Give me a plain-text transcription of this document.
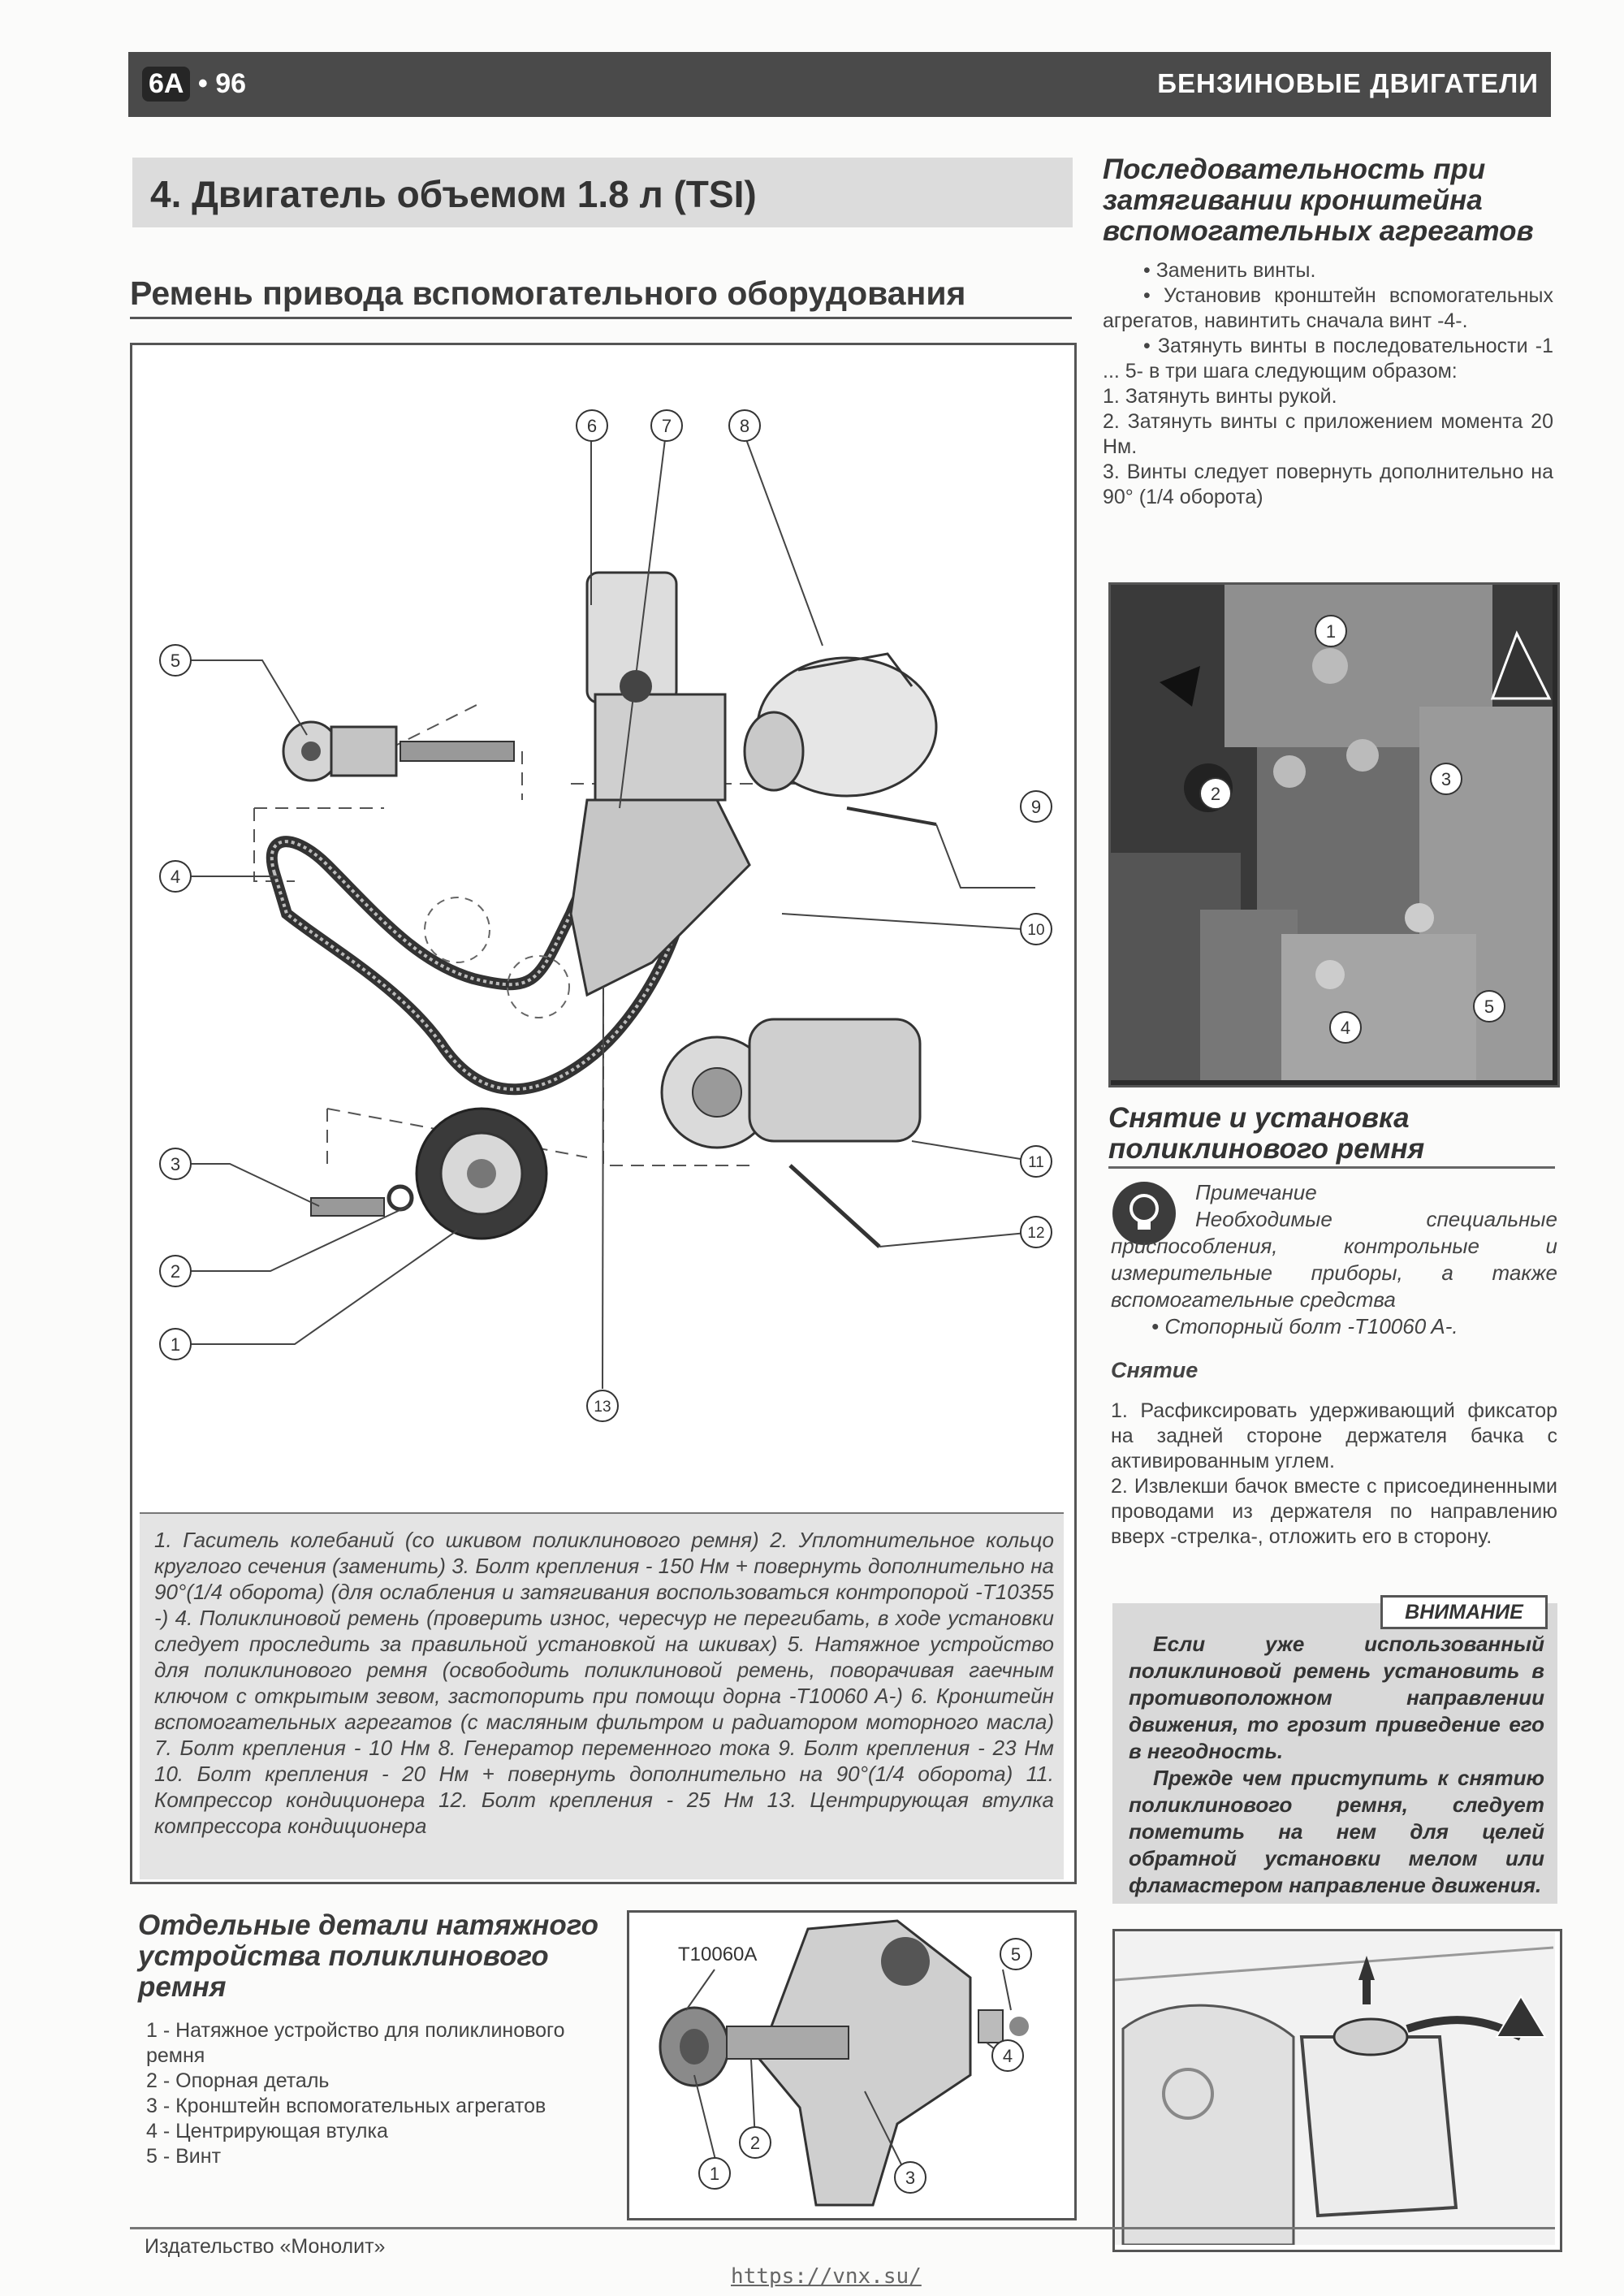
6A • 96	БЕНЗИНОВЫЕ ДВИГАТЕЛИ
4. Двигатель объемом 1.8 л (TSI)
Ремень привода вспомогательного оборудования
6	7	8
5
4
9
10
11
12
3
2
1
13
1. Гаситель колебаний (со шкивом поликлинового ремня) 2. Уплотнительное кольцо круглого сечения (заменить) 3. Болт крепления - 150 Нм + повернуть дополнительно на 90°(1/4 оборота) (для ослабления и затягивания воспользоваться контропорой -T10355 -) 4. Поликлиновой ремень (проверить износ, чересчур не перегибать, в ходе установки следует проследить за правильной установкой на шкивах) 5. Натяжное устройство для поликлинового ремня (освободить поликлиновой ремень, поворачивая гаечным ключом с открытым зевом, застопорить при помощи дорна -T10060 A-) 6. Кронштейн вспомогательных агрегатов (с масляным фильтром и радиатором моторного масла) 7. Болт крепления - 10 Нм 8. Генератор переменного тока 9. Болт крепления - 23 Нм 10. Болт крепления - 20 Нм + повернуть дополнительно на 90°(1/4 оборота) 11. Компрессор кондиционера 12. Болт крепления - 25 Нм 13. Центрирующая втулка компрессора кондиционера
Отдельные детали натяжного устройства поликлинового ремня
1 - Натяжное устройство для поликлинового ремня
2 - Опорная деталь
3 - Кронштейн вспомогательных агрегатов
4 - Центрирующая втулка
5 - Винт
T10060A
1
2
3
4
5
Последовательность при затягивании кронштейна вспомогательных агрегатов

• Заменить винты.

• Установив кронштейн вспомогательных агрегатов, навинтить сначала винт -4-.

• Затянуть винты в последовательности -1 ... 5- в три шага следующим образом:

1. Затянуть винты рукой.

2. Затянуть винты с приложением момента 20 Нм.

3. Винты следует повернуть дополнительно на 90° (1/4 оборота)

1
2
3
4
5
Снятие и установка поликлинового ремня
Примечание
Необходимые специальные приспособления, контрольные и измерительные приборы, а также вспомогательные средства
• Стопорный болт -T10060 A-.
Снятие

1. Расфиксировать удерживающий фиксатор на задней стороне держателя бачка с активированным углем.

2. Извлекши бачок вместе с присоединенными проводами из держателя по направлению вверх -стрелка-, отложить его в сторону.

ВНИМАНИЕ

Если уже использованный поликлиновой ремень установить в противоположном направлении движения, то грозит приведение его в негодность.

Прежде чем приступить к снятию поликлинового ремня, следует пометить на нем для целей обратной установки мелом или фламастером направление движения.

Издательство «Монолит»
https://vnx.su/
